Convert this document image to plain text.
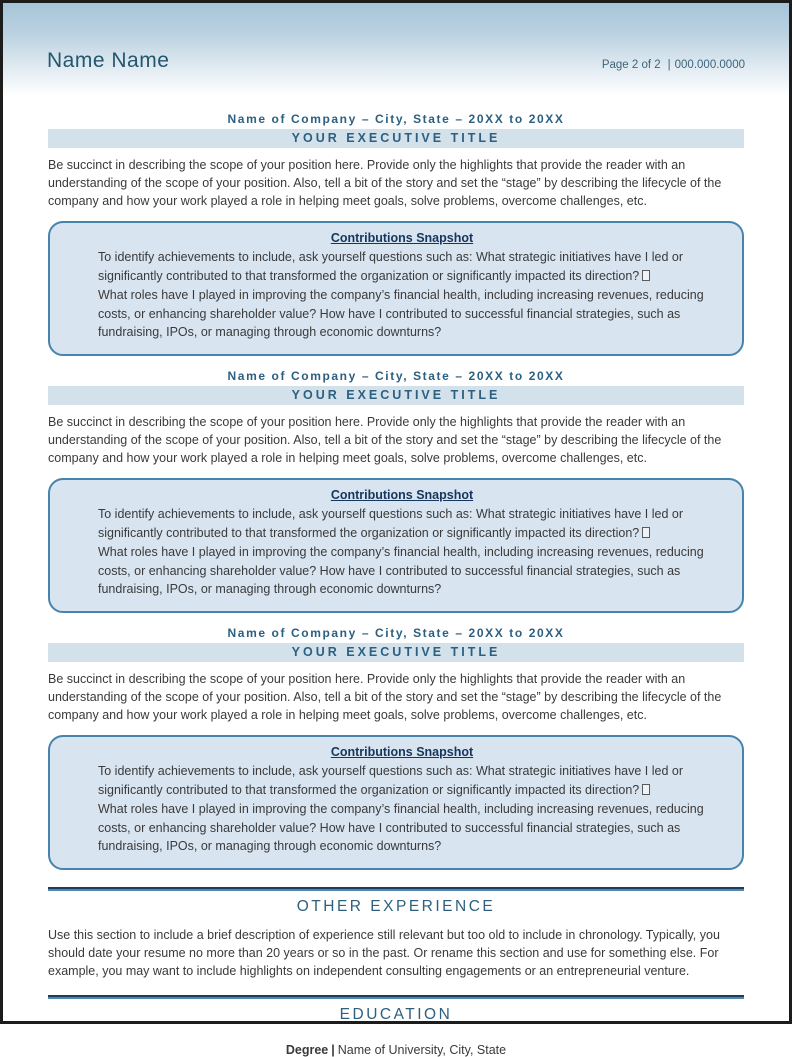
Name Name	Page 2 of 2 | 000.000.0000
Name of Company – City, State – 20XX to 20XX
YOUR EXECUTIVE TITLE

Be succinct in describing the scope of your position here. Provide only the highlights that provide the reader with an understanding of the scope of your position. Also, tell a bit of the story and set the “stage” by describing the lifecycle of the company and how your work played a role in helping meet goals, solve problems, overcome challenges, etc.

Contributions Snapshot
To identify achievements to include, ask yourself questions such as: What strategic initiatives have I led or significantly contributed to that transformed the organization or significantly impacted its direction?What roles have I played in improving the company’s financial health, including increasing revenues, reducing costs, or enhancing shareholder value? How have I contributed to successful financial strategies, such as fundraising, IPOs, or managing through economic downturns?
Name of Company – City, State – 20XX to 20XX
YOUR EXECUTIVE TITLE

Be succinct in describing the scope of your position here. Provide only the highlights that provide the reader with an understanding of the scope of your position. Also, tell a bit of the story and set the “stage” by describing the lifecycle of the company and how your work played a role in helping meet goals, solve problems, overcome challenges, etc.

Contributions Snapshot
To identify achievements to include, ask yourself questions such as: What strategic initiatives have I led or significantly contributed to that transformed the organization or significantly impacted its direction?What roles have I played in improving the company’s financial health, including increasing revenues, reducing costs, or enhancing shareholder value? How have I contributed to successful financial strategies, such as fundraising, IPOs, or managing through economic downturns?
Name of Company – City, State – 20XX to 20XX
YOUR EXECUTIVE TITLE

Be succinct in describing the scope of your position here. Provide only the highlights that provide the reader with an understanding of the scope of your position. Also, tell a bit of the story and set the “stage” by describing the lifecycle of the company and how your work played a role in helping meet goals, solve problems, overcome challenges, etc.

Contributions Snapshot
To identify achievements to include, ask yourself questions such as: What strategic initiatives have I led or significantly contributed to that transformed the organization or significantly impacted its direction?What roles have I played in improving the company’s financial health, including increasing revenues, reducing costs, or enhancing shareholder value? How have I contributed to successful financial strategies, such as fundraising, IPOs, or managing through economic downturns?
OTHER EXPERIENCE

Use this section to include a brief description of experience still relevant but too old to include in chronology. Typically, you should date your resume no more than 20 years or so in the past. Or rename this section and use for something else. For example, you may want to include highlights on independent consulting engagements or an entrepreneurial venture.

EDUCATION
Degree | Name of University, City, State
